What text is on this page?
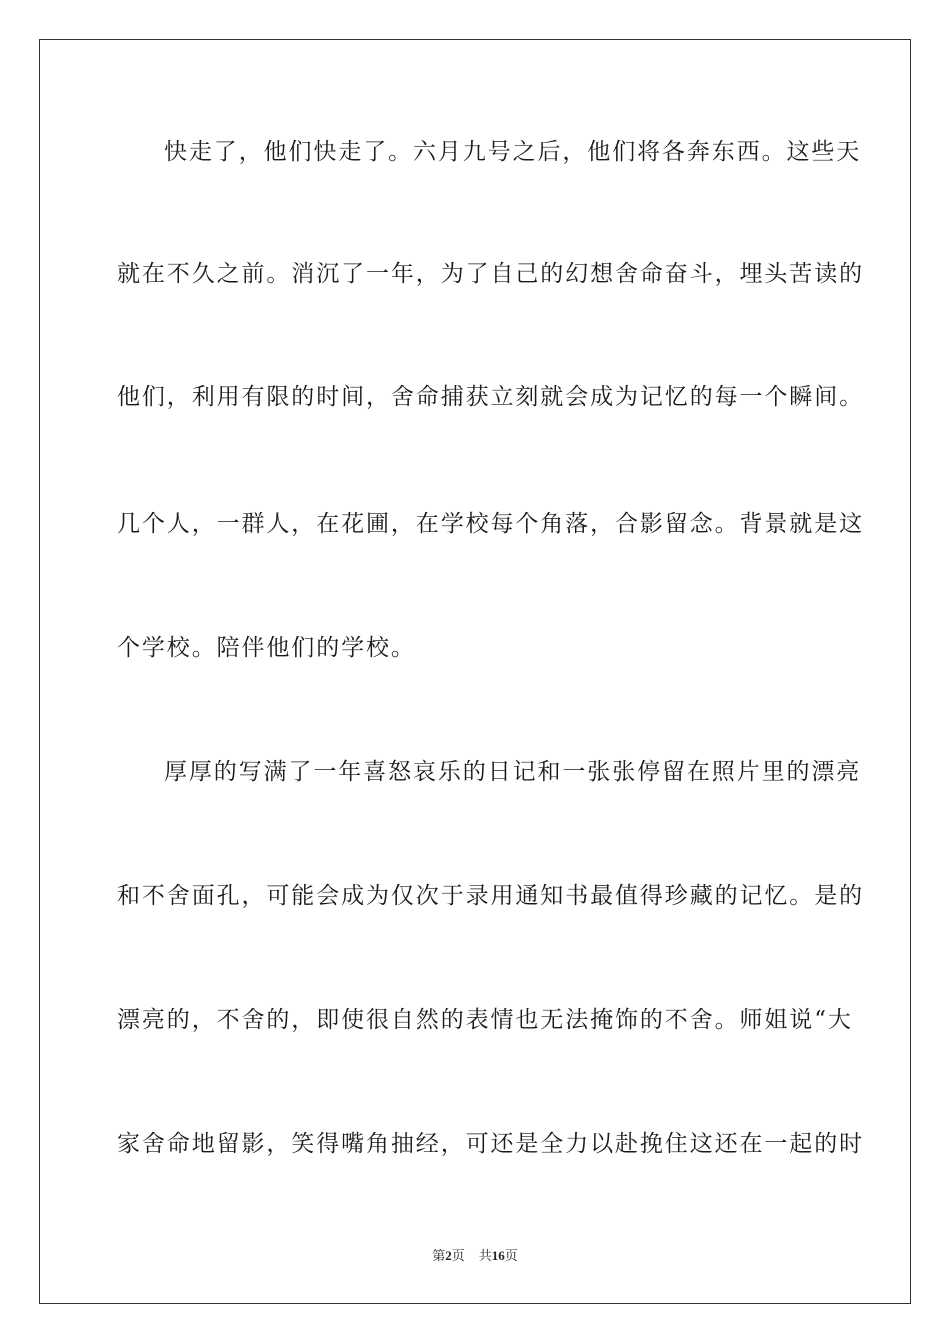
快走了，他们快走了。六月九号之后，他们将各奔东西。这些天
就在不久之前。消沉了一年，为了自己的幻想舍命奋斗，埋头苦读的
他们，利用有限的时间，舍命捕获立刻就会成为记忆的每一个瞬间。
几个人，一群人，在花圃，在学校每个角落，合影留念。背景就是这
个学校。陪伴他们的学校。
厚厚的写满了一年喜怒哀乐的日记和一张张停留在照片里的漂亮
和不舍面孔，可能会成为仅次于录用通知书最值得珍藏的记忆。是的
漂亮的，不舍的，即使很自然的表情也无法掩饰的不舍。师姐说“大
家舍命地留影，笑得嘴角抽经，可还是全力以赴挽住这还在一起的时
第2页 共16页
